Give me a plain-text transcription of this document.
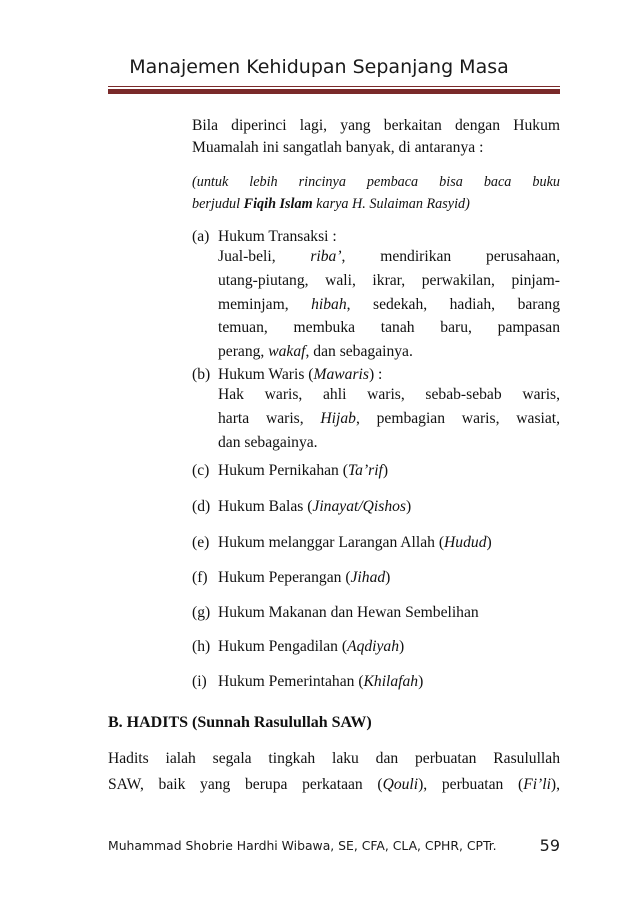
Manajemen Kehidupan Sepanjang Masa
Bila diperinci lagi, yang berkaitan dengan Hukum
Muamalah ini sangatlah banyak, di antaranya :
(untuk lebih rincinya pembaca bisa baca buku
berjudul Fiqih Islam karya H. Sulaiman Rasyid)
(a) Hukum Transaksi :
Jual-beli, riba’, mendirikan perusahaan,
utang-piutang, wali, ikrar, perwakilan, pinjam-
meminjam, hibah, sedekah, hadiah, barang
temuan, membuka tanah baru, pampasan
perang, wakaf, dan sebagainya.
(b) Hukum Waris (Mawaris) :
Hak waris, ahli waris, sebab-sebab waris,
harta waris, Hijab, pembagian waris, wasiat,
dan sebagainya.
(c) Hukum Pernikahan (Ta’rif)
(d) Hukum Balas (Jinayat/Qishos)
(e) Hukum melanggar Larangan Allah (Hudud)
(f) Hukum Peperangan (Jihad)
(g) Hukum Makanan dan Hewan Sembelihan
(h) Hukum Pengadilan (Aqdiyah)
(i) Hukum Pemerintahan (Khilafah)
B. HADITS (Sunnah Rasulullah SAW)
Hadits ialah segala tingkah laku dan perbuatan Rasulullah
SAW, baik yang berupa perkataan (Qouli), perbuatan (Fi’li),
Muhammad Shobrie Hardhi Wibawa, SE, CFA, CLA, CPHR, CPTr.	59
